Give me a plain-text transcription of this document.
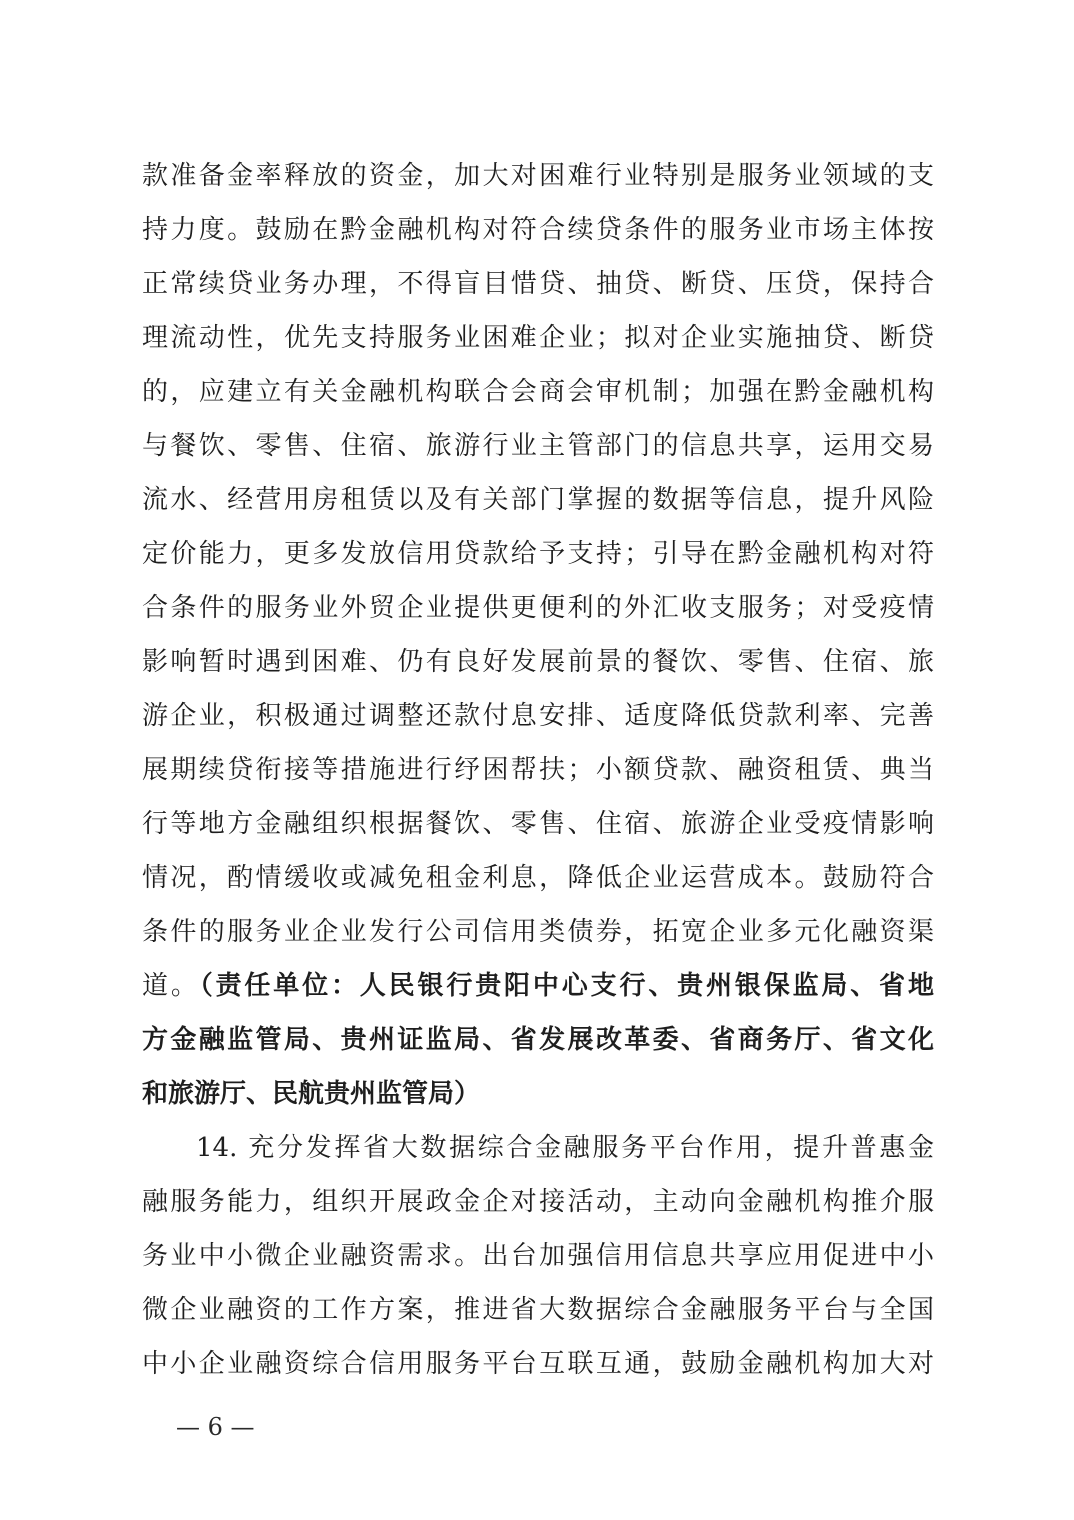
款准备金率释放的资金，加大对困难行业特别是服务业领域的支
持力度。鼓励在黔金融机构对符合续贷条件的服务业市场主体按
正常续贷业务办理，不得盲目惜贷、抽贷、断贷、压贷，保持合
理流动性，优先支持服务业困难企业；拟对企业实施抽贷、断贷
的，应建立有关金融机构联合会商会审机制；加强在黔金融机构
与餐饮、零售、住宿、旅游行业主管部门的信息共享，运用交易
流水、经营用房租赁以及有关部门掌握的数据等信息，提升风险
定价能力，更多发放信用贷款给予支持；引导在黔金融机构对符
合条件的服务业外贸企业提供更便利的外汇收支服务；对受疫情
影响暂时遇到困难、仍有良好发展前景的餐饮、零售、住宿、旅
游企业，积极通过调整还款付息安排、适度降低贷款利率、完善
展期续贷衔接等措施进行纾困帮扶；小额贷款、融资租赁、典当
行等地方金融组织根据餐饮、零售、住宿、旅游企业受疫情影响
情况，酌情缓收或减免租金利息，降低企业运营成本。鼓励符合
条件的服务业企业发行公司信用类债券，拓宽企业多元化融资渠
道。（责任单位：人民银行贵阳中心支行、贵州银保监局、省地
方金融监管局、贵州证监局、省发展改革委、省商务厅、省文化
和旅游厅、民航贵州监管局）
14. 充分发挥省大数据综合金融服务平台作用，提升普惠金
融服务能力，组织开展政金企对接活动，主动向金融机构推介服
务业中小微企业融资需求。出台加强信用信息共享应用促进中小
微企业融资的工作方案，推进省大数据综合金融服务平台与全国
中小企业融资综合信用服务平台互联互通，鼓励金融机构加大对
— 6 —
